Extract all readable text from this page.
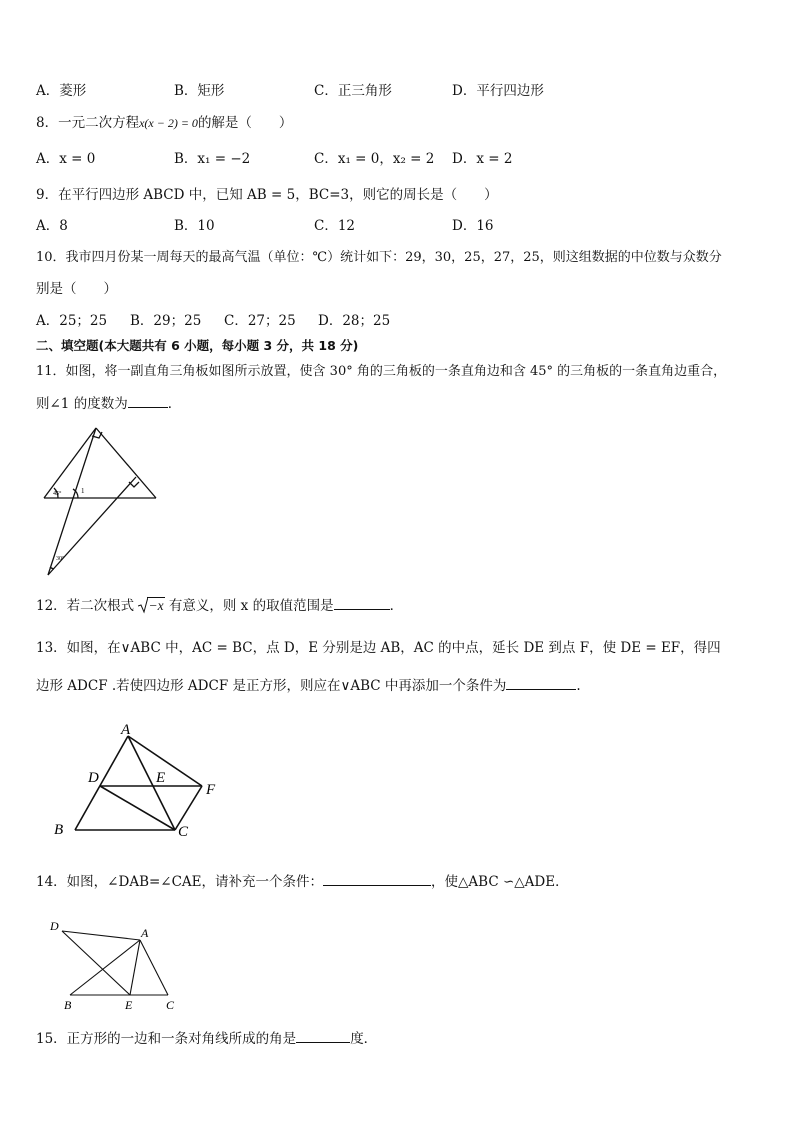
A．菱形	B．矩形	C．正三角形	D．平行四边形
8．一元二次方程x(x − 2) = 0的解是（　　）
A．x = 0	B．x₁ = −2	C．x₁ = 0，x₂ = 2 D．x = 2
9．在平行四边形 ABCD 中，已知 AB = 5，BC=3，则它的周长是（　　）
A．8	B．10	C．12	D．16
10．我市四月份某一周每天的最高气温（单位：℃）统计如下：29，30，25，27，25，则这组数据的中位数与众数分
别是（　　）
A．25；25 B．29；25 C．27；25 D．28；25
二、填空题(本大题共有 6 小题，每小题 3 分，共 18 分)
11．如图，将一副直角三角板如图所示放置，使含 30° 角的三角板的一条直角边和含 45° 的三角板的一条直角边重合，
则∠1 的度数为	．
45°	1
30°
12．若二次根式 −x 有意义，则 x 的取值范围是	．
13．如图，在∨ABC 中，AC = BC，点 D，E 分别是边 AB，AC 的中点，延长 DE 到点 F，使 DE = EF，得四
边形 ADCF .若使四边形 ADCF 是正方形，则应在∨ABC 中再添加一个条件为	.
A
B	C
D	E
F
14．如图，∠DAB=∠CAE，请补充一个条件：	，使△ABC ∽△ADE．
D	A
B	E	C
15．正方形的一边和一条对角线所成的角是	度．
